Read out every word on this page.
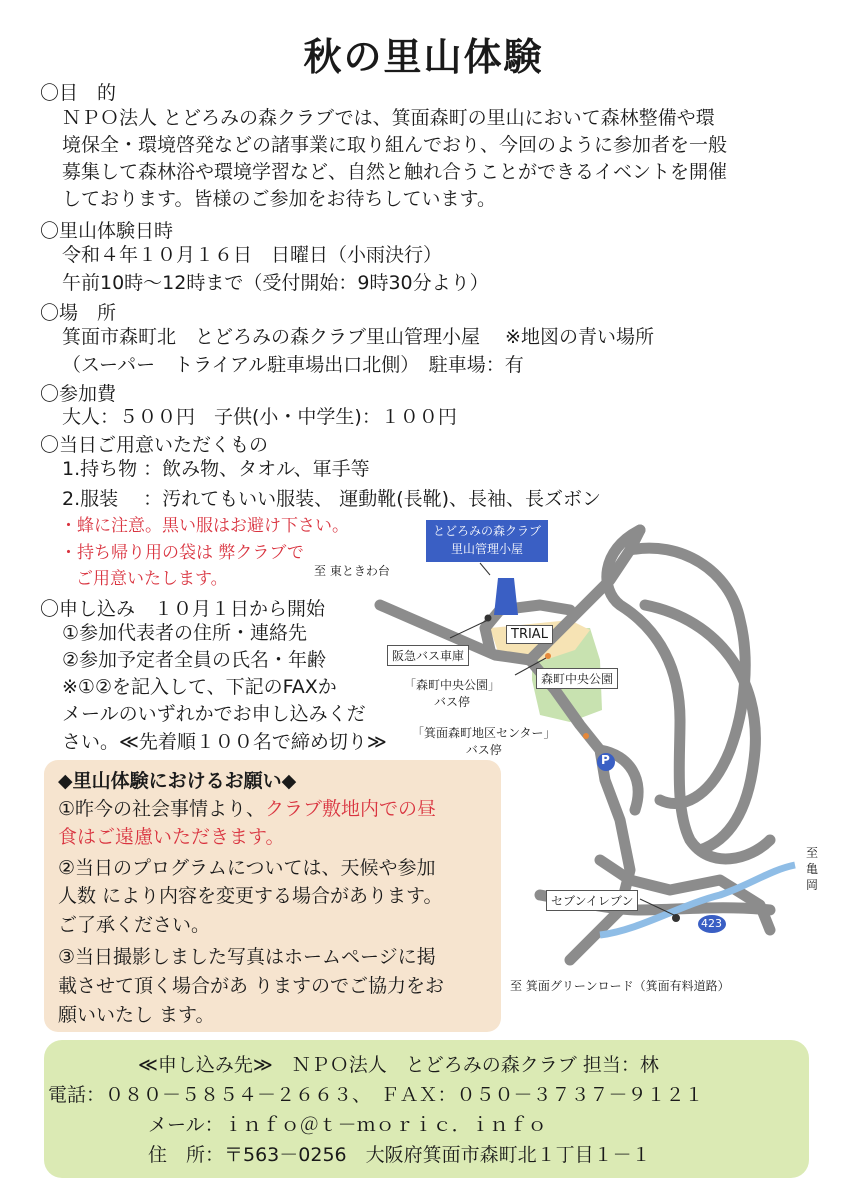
秋の里山体験
〇目　的
ＮＰＯ法人 とどろみの森クラブでは、箕面森町の里山において森林整備や環
境保全・環境啓発などの諸事業に取り組んでおり、今回のように参加者を一般
募集して森林浴や環境学習など、自然と触れ合うことができるイベントを開催
しております。皆様のご参加をお待ちしています。
〇里山体験日時
令和４年１０月１６日　日曜日（小雨決行）
午前10時～12時まで（受付開始：9時30分より）
〇場　所
箕面市森町北　とどろみの森クラブ里山管理小屋　 ※地図の青い場所
（スーパー　トライアル駐車場出口北側）　駐車場：有
〇参加費
大人：５００円　子供(小・中学生)：１００円
〇当日ご用意いただくもの
1.持ち物 ：飲み物、タオル、軍手等
2.服装　 ：汚れてもいい服装、 運動靴(長靴)、長袖、長ズボン
・蜂に注意。黒い服はお避け下さい。
・持ち帰り用の袋は 弊クラブで
ご用意いたします。
〇申し込み　１０月１日から開始
①参加代表者の住所・連絡先
②参加予定者全員の氏名・年齢
※①②を記入して、下記のFAXか
メールのいずれかでお申し込みくだ
さい。≪先着順１００名で締め切り≫
◆里山体験におけるお願い◆
①昨今の社会事情より、クラブ敷地内での昼
食はご遠慮いただきます。
②当日のプログラムについては、天候や参加
人数 により内容を変更する場合があります。
ご了承ください。
③当日撮影しました写真はホームページに掲
載させて頂く場合があ りますのでご協力をお
願いいたし ます。
とどろみの森クラブ
里山管理小屋
至 東ときわ台
TRIAL
阪急バス車庫
森町中央公園
「森町中央公園」
バス停
「箕面森町地区センター」
バス停
P
セブンイレブン
423
至　亀岡
至 箕面グリーンロード（箕面有料道路）
≪申し込み先≫　ＮＰＯ法人　とどろみの森クラブ 担当：林
電話：０８０－５８５４－２６６３、　ＦＡＸ：０５０－３７３７－９１２１
メール：ｉｎｆｏ＠ｔ－ｍｏｒｉｃ．ｉｎｆｏ
住　所：〒563－0256　大阪府箕面市森町北１丁目１－１
